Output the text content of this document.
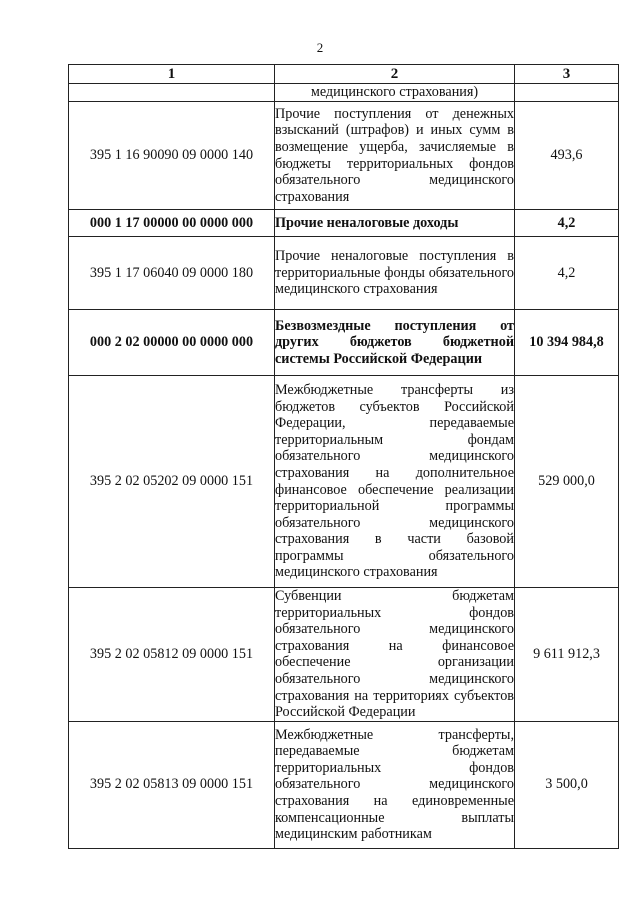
2
1	2	3
	медицинского страхования)	
395 1 16 90090 09 0000 140	Прочие поступления от денежных взысканий (штрафов) и иных сумм в возмещение ущерба, зачисляемые в бюджеты территориальных фондов обязательного медицинского страхования	493,6
000 1 17 00000 00 0000 000	Прочие неналоговые доходы	4,2
395 1 17 06040 09 0000 180	Прочие неналоговые поступления в территориальные фонды обязательного медицинского страхования	4,2
000 2 02 00000 00 0000 000	Безвозмездные поступления от других бюджетов бюджетной системы Российской Федерации	10 394 984,8
395 2 02 05202 09 0000 151	Межбюджетные трансферты из бюджетов субъектов Российской Федерации, передаваемые территориальным фондам обязательного медицинского страхования на дополнительное финансовое обеспечение реализации территориальной программы обязательного медицинского страхования в части базовой программы обязательного медицинского страхования	529 000,0
395 2 02 05812 09 0000 151	Субвенции бюджетам территориальных фондов обязательного медицинского страхования на финансовое обеспечение организации обязательного медицинского страхования на территориях субъектов Российской Федерации	9 611 912,3
395 2 02 05813 09 0000 151	Межбюджетные трансферты, передаваемые бюджетам территориальных фондов обязательного медицинского страхования на единовременные компенсационные выплаты медицинским работникам	3 500,0
